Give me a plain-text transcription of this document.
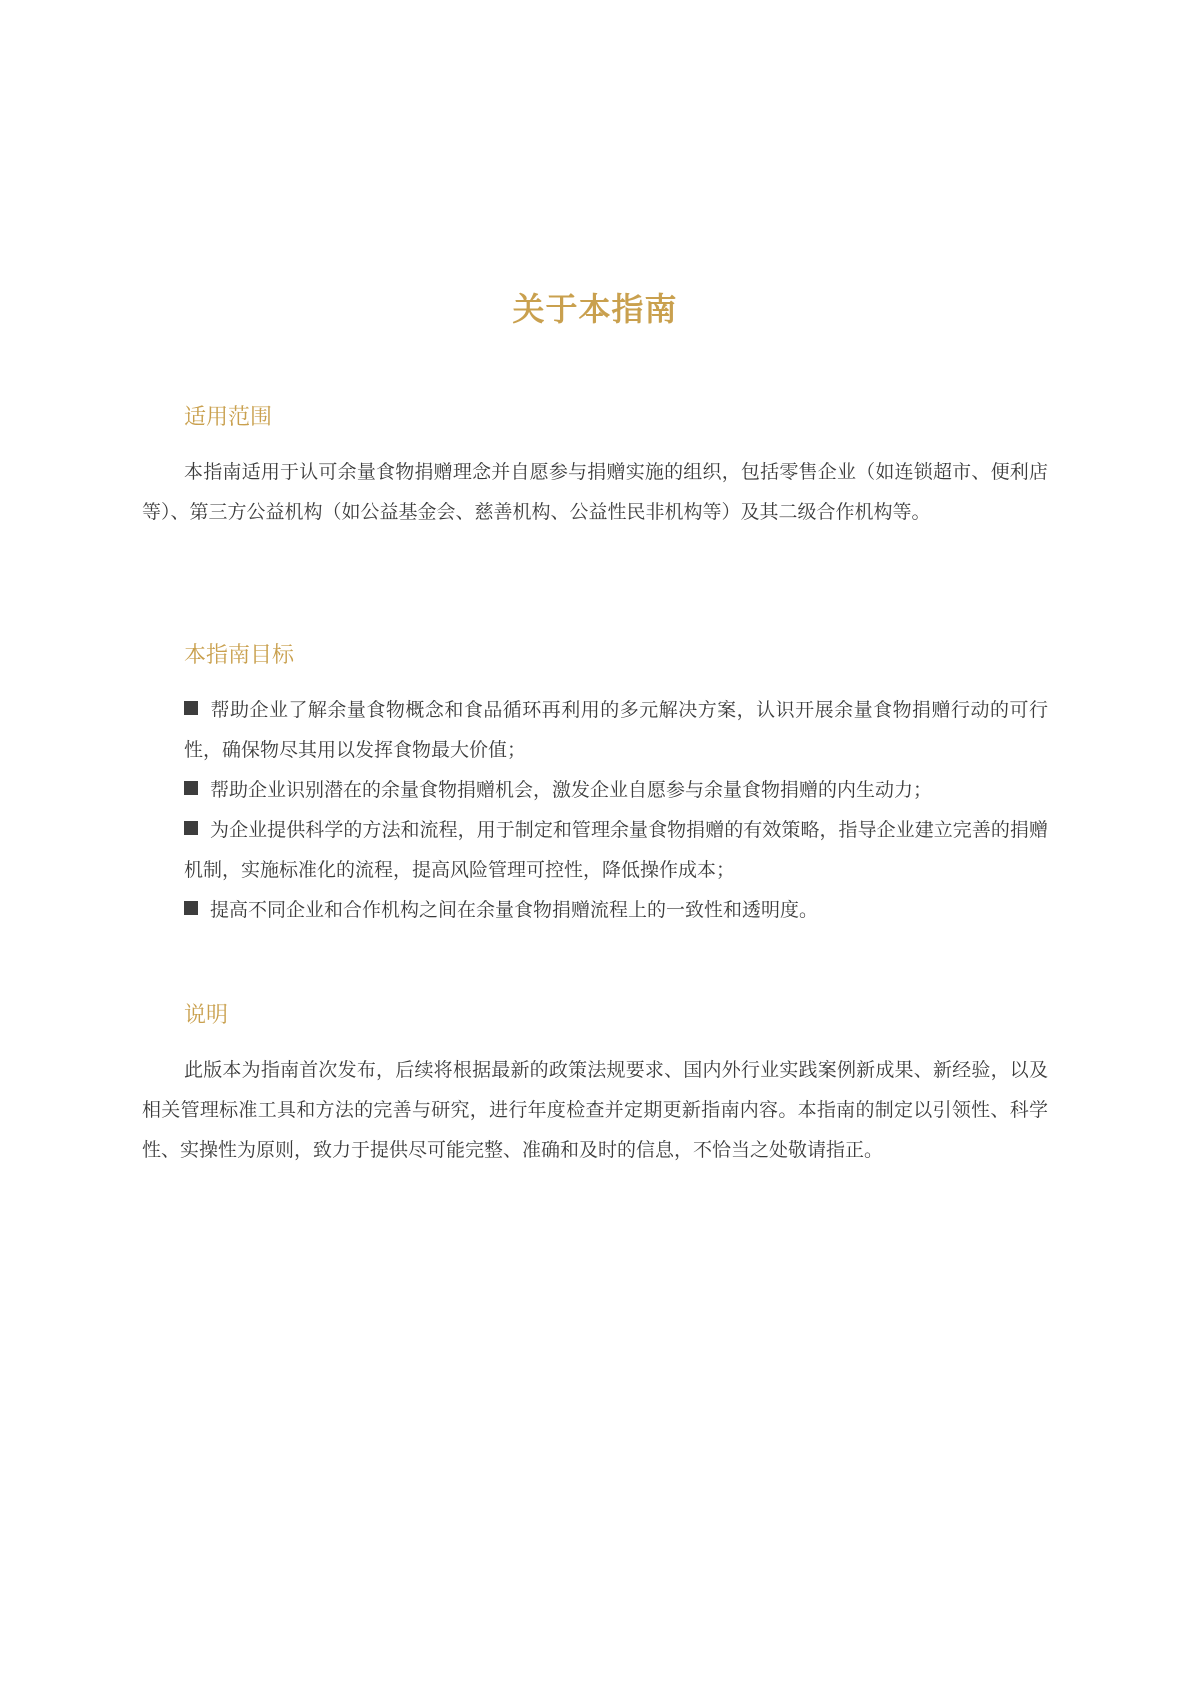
关于本指南
适用范围

本指南适用于认可余量食物捐赠理念并自愿参与捐赠实施的组织，包括零售企业（如连锁超市、便利店等）、第三方公益机构（如公益基金会、慈善机构、公益性民非机构等）及其二级合作机构等。

本指南目标
帮助企业了解余量食物概念和食品循环再利用的多元解决方案，认识开展余量食物捐赠行动的可行性，确保物尽其用以发挥食物最大价值；
帮助企业识别潜在的余量食物捐赠机会，激发企业自愿参与余量食物捐赠的内生动力；
为企业提供科学的方法和流程，用于制定和管理余量食物捐赠的有效策略，指导企业建立完善的捐赠机制，实施标准化的流程，提高风险管理可控性，降低操作成本；
提高不同企业和合作机构之间在余量食物捐赠流程上的一致性和透明度。
说明

此版本为指南首次发布，后续将根据最新的政策法规要求、国内外行业实践案例新成果、新经验，以及相关管理标准工具和方法的完善与研究，进行年度检查并定期更新指南内容。本指南的制定以引领性、科学性、实操性为原则，致力于提供尽可能完整、准确和及时的信息，不恰当之处敬请指正。
